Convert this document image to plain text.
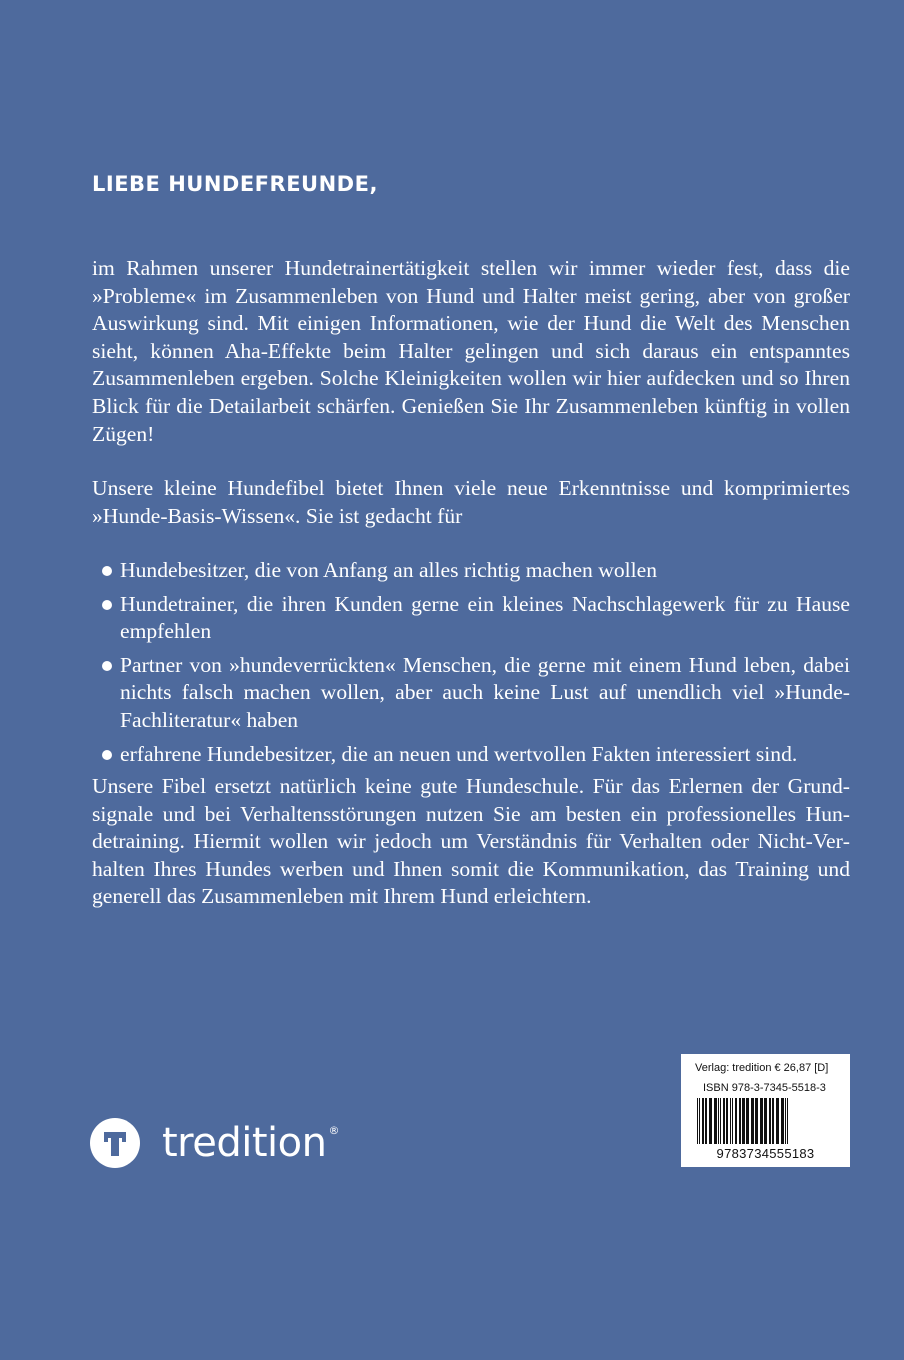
LIEBE HUNDEFREUNDE,

im Rahmen unserer Hundetrainertätigkeit stellen wir immer wieder fest, dass die »Probleme« im Zusammenleben von Hund und Halter meist gering, aber von großer Auswirkung sind. Mit einigen Informationen, wie der Hund die Welt des Menschen sieht, können Aha-Effekte beim Halter gelingen und sich daraus ein entspanntes Zusammenleben ergeben. Solche Kleinigkeiten wollen wir hier aufdecken und so Ihren Blick für die Detailarbeit schärfen. Genießen Sie Ihr Zusammenleben künftig in vollen Zügen!

Unsere kleine Hundefibel bietet Ihnen viele neue Erkenntnisse und komprimiertes »Hunde-Basis-Wissen«. Sie ist gedacht für

Hundebesitzer, die von Anfang an alles richtig machen wollen
Hundetrainer, die ihren Kunden gerne ein kleines Nachschlagewerk für zu Hause empfehlen
Partner von »hundeverrückten« Menschen, die gerne mit einem Hund leben, dabei nichts falsch machen wollen, aber auch keine Lust auf unendlich viel »Hunde-Fachliteratur« haben
erfahrene Hundebesitzer, die an neuen und wertvollen Fakten interessiert sind.

Unsere Fibel ersetzt natürlich keine gute Hundeschule. Für das Erlernen der Grundsignale und bei Verhaltensstörungen nutzen Sie am besten ein professionelles Hundetraining. Hiermit wollen wir jedoch um Verständnis für Verhalten oder Nicht-Verhalten Ihres Hundes werben und Ihnen somit die Kommunikation, das Training und generell das Zusammenleben mit Ihrem Hund erleichtern.

tredition ®
Verlag: tredition € 26,87 [D]
ISBN 978-3-7345-5518-3
9783734555183
